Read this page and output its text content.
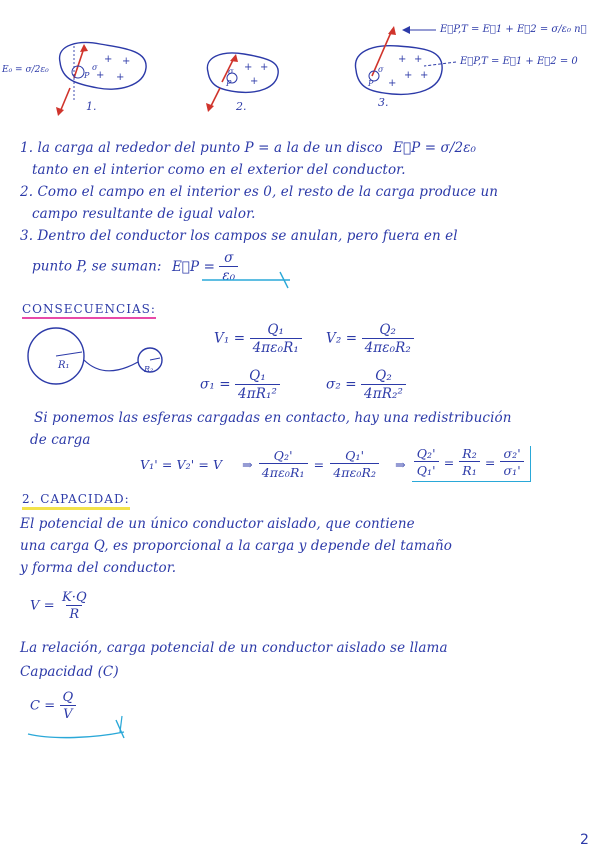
+ +
+ +
P
σ
E₀ = σ/2ε₀
1.
+ +
+
σ
P
2.
+ +
+ +
+
σ
P
3.
E⃗P,T = E⃗1 + E⃗2 = σ/ε₀ n⃗
E⃗P,T = E⃗1 + E⃗2 = 0
1. la carga al rededor del punto P = a la de un disco E⃗P = σ/2ε₀
tanto en el interior como en el exterior del conductor.
2. Como el campo en el interior es 0, el resto de la carga produce un
campo resultante de igual valor.
3. Dentro del conductor los campos se anulan, pero fuera en el
punto P, se suman: E⃗P = $\frac{\sigma}{\text{ε₀}}$
CONSECUENCIAS:
R₁	R₂
$V_1 = \frac{\text{Q₁}}{\text{4πε₀R₁}} V_2 = \frac{\text{Q₂}}{\text{4πε₀R₂}}$
$\sigma_1 = \frac{\text{Q₁}}{\text{4πR₁²}}$	$\sigma_2 = \frac{\text{Q₂}}{\text{4πR₂²}}$
Si ponemos las esferas cargadas en contacto, hay una redistribución
de carga
V₁' = V₂' = V ⇒ $\frac{\text{Q₂'}}{\text{4πε₀R₁}} = \frac{\text{Q₁'}}{\text{4πε₀R₂}}$ ⇒ $\frac{\text{Q₂'}}{\text{Q₁'}} = \frac{\text{R₂}}{\text{R₁}} = \frac{\text{σ₂'}}{\text{σ₁'}}$
2. CAPACIDAD:
El potencial de un único conductor aislado, que contiene
una carga Q, es proporcional a la carga y depende del tamaño
y forma del conductor.
$V = \frac{K\cdot Q}{R}$
La relación, carga potencial de un conductor aislado se llama
Capacidad (C)
$C = \frac{Q}{V}$
2
